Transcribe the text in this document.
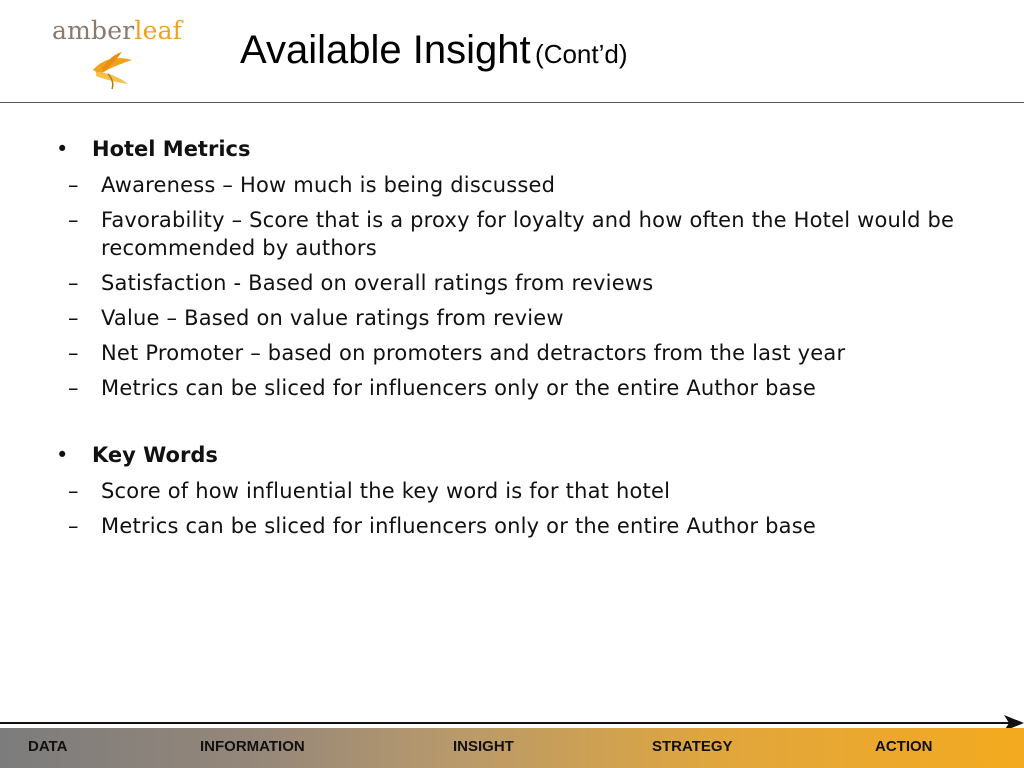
amberleaf Available Insight (Cont’d)
• Hotel Metrics
– Awareness – How much is being discussed
– Favorability – Score that is a proxy for loyalty and how often the Hotel would be recommended by authors
– Satisfaction - Based on overall ratings from reviews
– Value – Based on value ratings from review
– Net Promoter – based on promoters and detractors from the last year
– Metrics can be sliced for influencers only or the entire Author base
• Key Words
– Score of how influential the key word is for that hotel
– Metrics can be sliced for influencers only or the entire Author base
DATA	INFORMATION	INSIGHT	STRATEGY	ACTION
